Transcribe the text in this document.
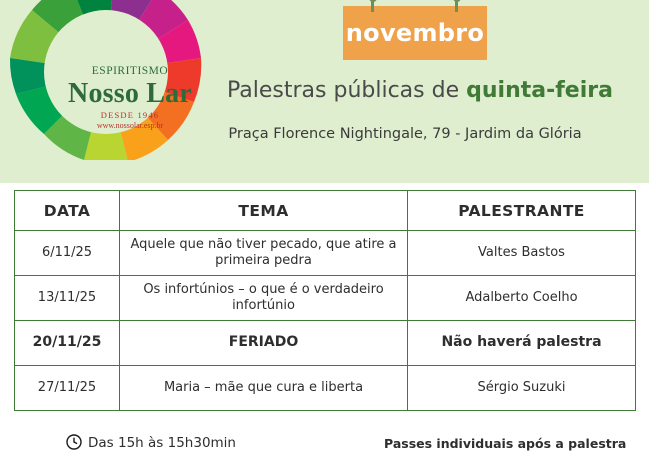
ESPIRITISMO
Nosso Lar
DESDE 1946
www.nossolar.esp.br
novembro
Palestras públicas de quinta-feira
Praça Florence Nightingale, 79 - Jardim da Glória
DATA	TEMA	PALESTRANTE
6/11/25	Aquele que não tiver pecado, que atire a primeira pedra	Valtes Bastos
13/11/25	Os infortúnios – o que é o verdadeiro infortúnio	Adalberto Coelho
20/11/25	FERIADO	Não haverá palestra
27/11/25	Maria – mãe que cura e liberta	Sérgio Suzuki
Das 15h às 15h30min	Passes individuais após a palestra
